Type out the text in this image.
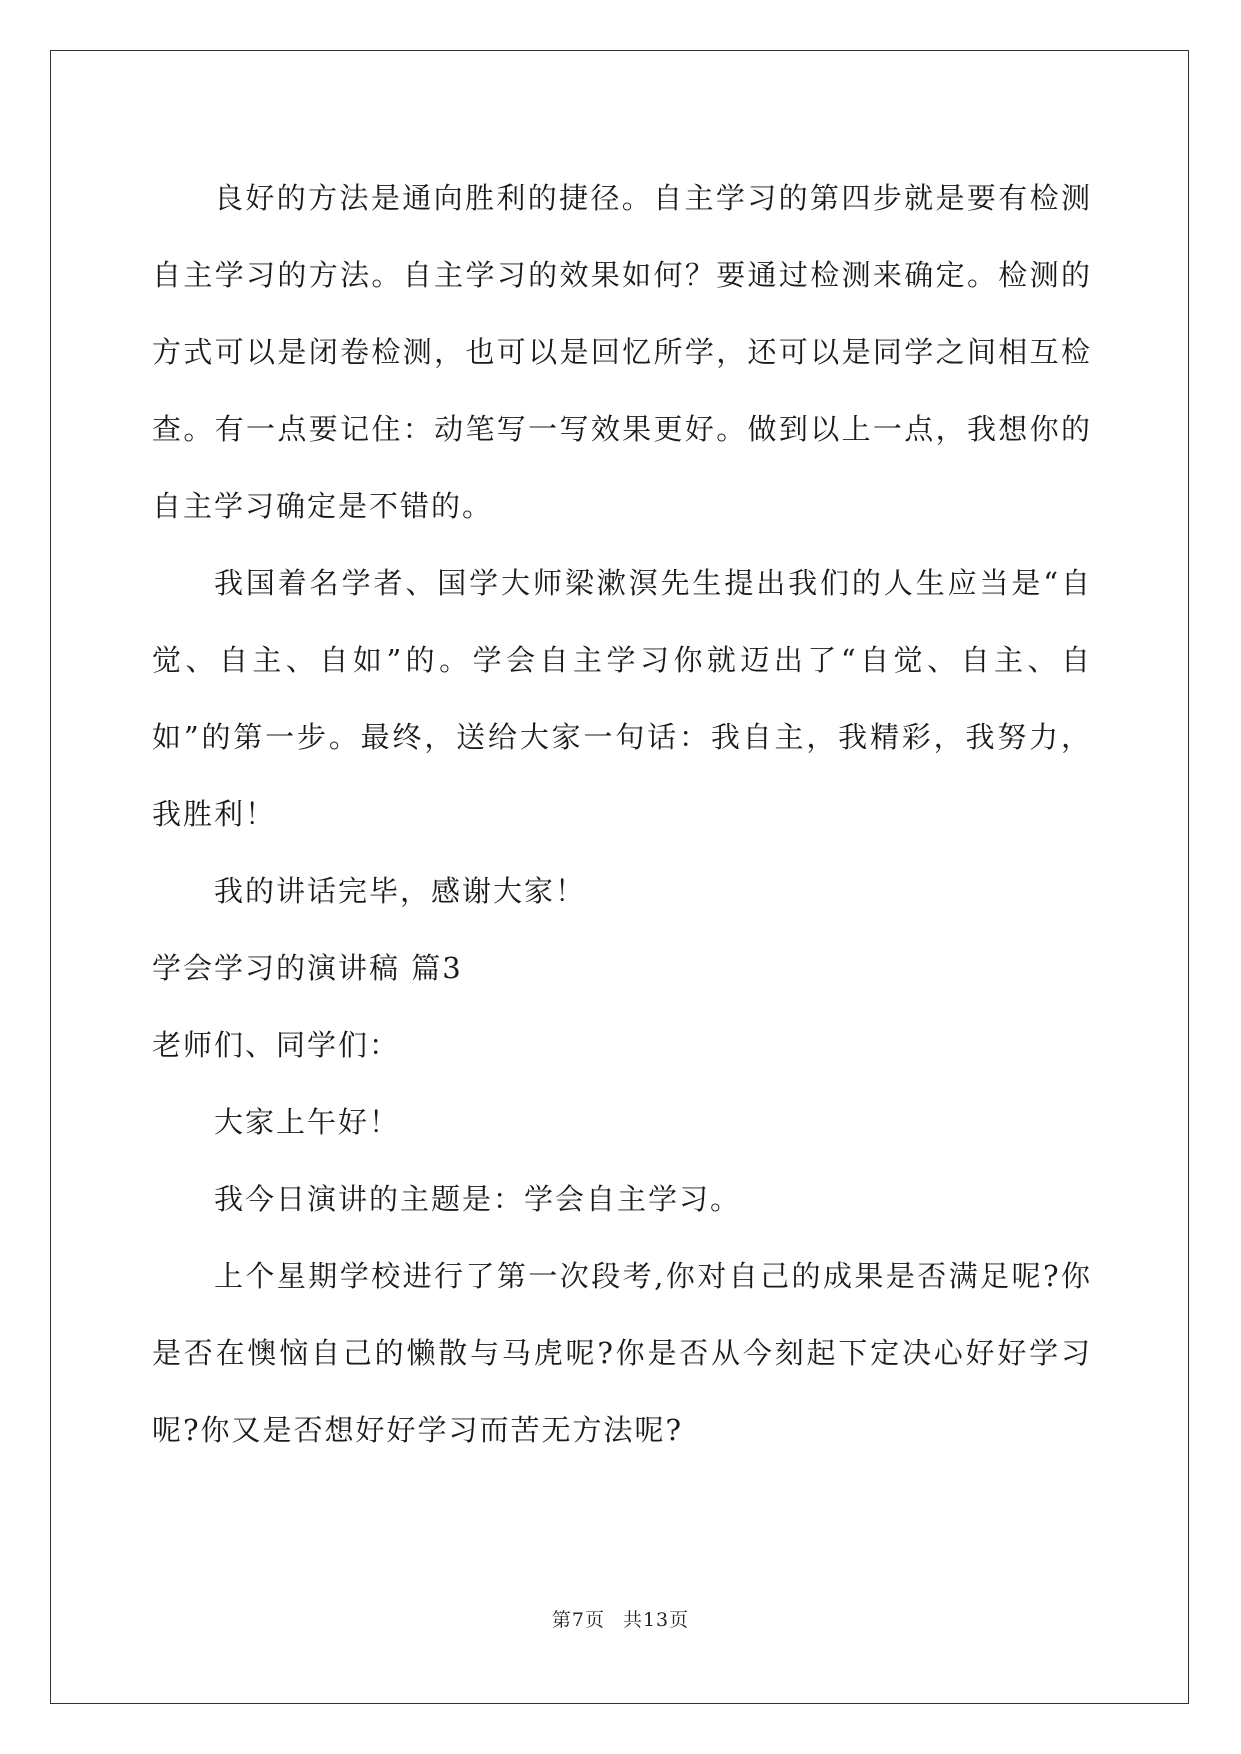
良好的方法是通向胜利的捷径。自主学习的第四步就是要有检测自主学习的方法。自主学习的效果如何？要通过检测来确定。检测的方式可以是闭卷检测，也可以是回忆所学，还可以是同学之间相互检查。有一点要记住：动笔写一写效果更好。做到以上一点，我想你的自主学习确定是不错的。

我国着名学者、国学大师梁漱溟先生提出我们的人生应当是“自觉、自主、自如”的。学会自主学习你就迈出了“自觉、自主、自如”的第一步。最终，送给大家一句话：我自主，我精彩，我努力，我胜利！

我的讲话完毕，感谢大家！

学会学习的演讲稿 篇3

老师们、同学们：

大家上午好！

我今日演讲的主题是：学会自主学习。

上个星期学校进行了第一次段考,你对自己的成果是否满足呢?你是否在懊恼自己的懒散与马虎呢?你是否从今刻起下定决心好好学习呢?你又是否想好好学习而苦无方法呢?

第7页 共13页
